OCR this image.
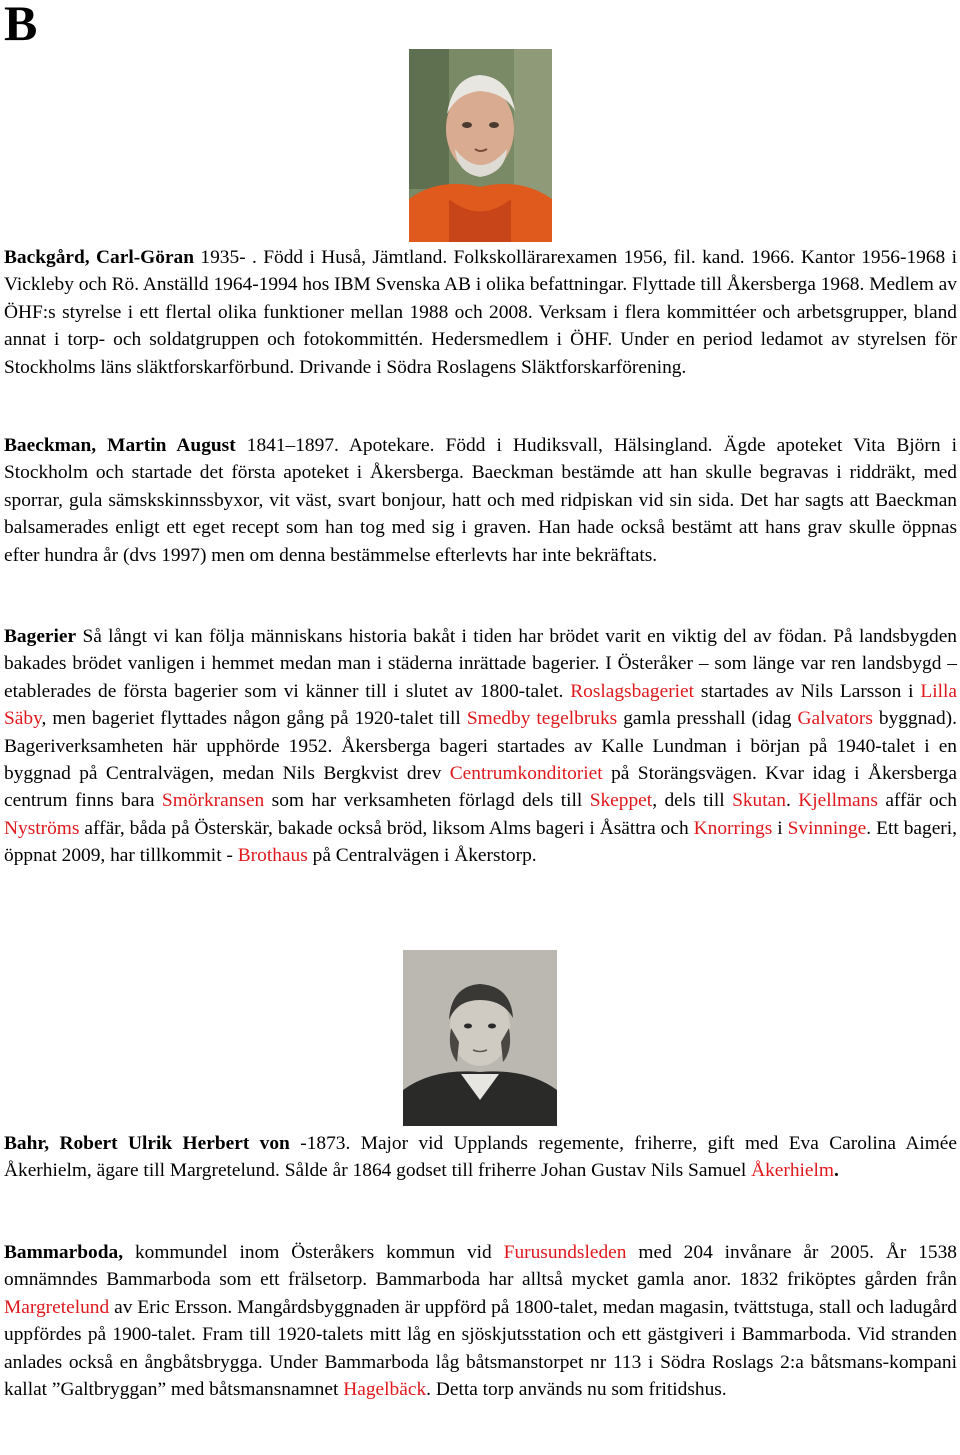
B

Backgård, Carl-Göran 1935- . Född i Huså, Jämtland. Folkskollärarexamen 1956, fil. kand. 1966. Kantor 1956-1968 i Vickleby och Rö. Anställd 1964-1994 hos IBM Svenska AB i olika befattningar. Flyttade till Åkersberga 1968. Medlem av ÖHF:s styrelse i ett flertal olika funktioner mellan 1988 och 2008. Verksam i flera kommittéer och arbetsgrupper, bland annat i torp- och soldatgruppen och fotokommittén. Hedersmedlem i ÖHF. Under en period ledamot av styrelsen för Stockholms läns släktforskarförbund. Drivande i Södra Roslagens Släktforskarförening.

Baeckman, Martin August 1841–1897. Apotekare. Född i Hudiksvall, Hälsingland. Ägde apoteket Vita Björn i Stockholm och startade det första apoteket i Åkersberga. Baeckman bestämde att han skulle begravas i riddräkt, med sporrar, gula sämskskinnssbyxor, vit väst, svart bonjour, hatt och med ridpiskan vid sin sida. Det har sagts att Baeckman balsamerades enligt ett eget recept som han tog med sig i graven. Han hade också bestämt att hans grav skulle öppnas efter hundra år (dvs 1997) men om denna bestämmelse efterlevts har inte bekräftats.

Bagerier Så långt vi kan följa människans historia bakåt i tiden har brödet varit en viktig del av födan. På landsbygden bakades brödet vanligen i hemmet medan man i städerna inrättade bagerier. I Österåker – som länge var ren landsbygd – etablerades de första bagerier som vi känner till i slutet av 1800-talet. Roslagsbageriet startades av Nils Larsson i Lilla Säby, men bageriet flyttades någon gång på 1920-talet till Smedby tegelbruks gamla presshall (idag Galvators byggnad). Bageriverksamheten här upphörde 1952. Åkersberga bageri startades av Kalle Lundman i början på 1940-talet i en byggnad på Centralvägen, medan Nils Bergkvist drev Centrumkonditoriet på Storängsvägen. Kvar idag i Åkersberga centrum finns bara Smörkransen som har verksamheten förlagd dels till Skeppet, dels till Skutan. Kjellmans affär och Nyströms affär, båda på Österskär, bakade också bröd, liksom Alms bageri i Åsättra och Knorrings i Svinninge. Ett bageri, öppnat 2009, har tillkommit - Brothaus på Centralvägen i Åkerstorp.

Bahr, Robert Ulrik Herbert von -1873. Major vid Upplands regemente, friherre, gift med Eva Carolina Aimée Åkerhielm, ägare till Margretelund. Sålde år 1864 godset till friherre Johan Gustav Nils Samuel Åkerhielm.

Bammarboda, kommundel inom Österåkers kommun vid Furusundsleden med 204 invånare år 2005. År 1538 omnämndes Bammarboda som ett frälsetorp. Bammarboda har alltså mycket gamla anor. 1832 friköptes gården från Margretelund av Eric Ersson. Mangårdsbyggnaden är uppförd på 1800-talet, medan magasin, tvättstuga, stall och ladugård uppfördes på 1900-talet. Fram till 1920-talets mitt låg en sjöskjutsstation och ett gästgiveri i Bammarboda. Vid stranden anlades också en ångbåtsbrygga. Under Bammarboda låg båtsmanstorpet nr 113 i Södra Roslags 2:a båtsmans-kompani kallat ”Galtbryggan” med båtsmansnamnet Hagelbäck. Detta torp används nu som fritidshus.
